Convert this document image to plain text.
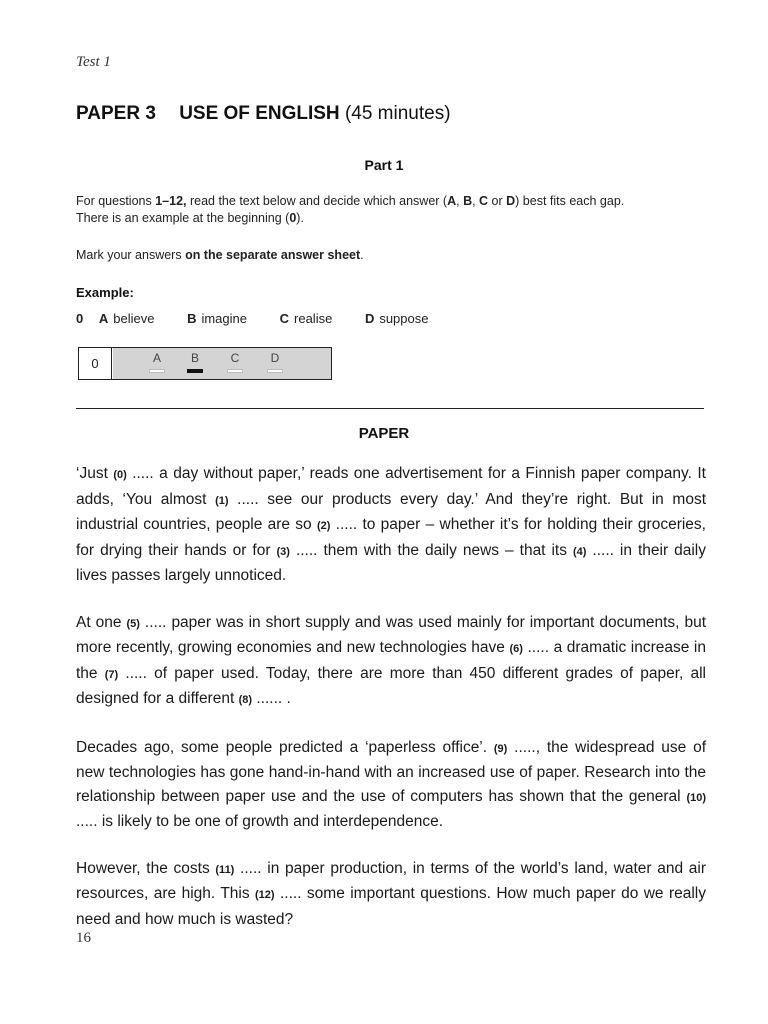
Test 1
PAPER 3 USE OF ENGLISH (45 minutes)
Part 1
For questions 1–12, read the text below and decide which answer (A, B, C or D) best fits each gap.
There is an example at the beginning (0).
Mark your answers on the separate answer sheet.
Example:
0 A believe	B imagine	C realise	D suppose
0	A	B	C	D
PAPER

‘Just (0) ..... a day without paper,’ reads one advertisement for a Finnish paper company. It adds, ‘You almost (1) ..... see our products every day.’ And they’re right. But in most industrial countries, people are so (2) ..... to paper – whether it’s for holding their groceries, for drying their hands or for (3) ..... them with the daily news – that its (4) ..... in their daily lives passes largely unnoticed.

At one (5) ..... paper was in short supply and was used mainly for important documents, but more recently, growing economies and new technologies have (6) ..... a dramatic increase in the (7) ..... of paper used. Today, there are more than 450 different grades of paper, all designed for a different (8) ...... .

Decades ago, some people predicted a ‘paperless office’. (9) ....., the widespread use of new technologies has gone hand-in-hand with an increased use of paper. Research into the relationship between paper use and the use of computers has shown that the general (10) ..... is likely to be one of growth and interdependence.

However, the costs (11) ..... in paper production, in terms of the world’s land, water and air resources, are high. This (12) ..... some important questions. How much paper do we really need and how much is wasted?

16
